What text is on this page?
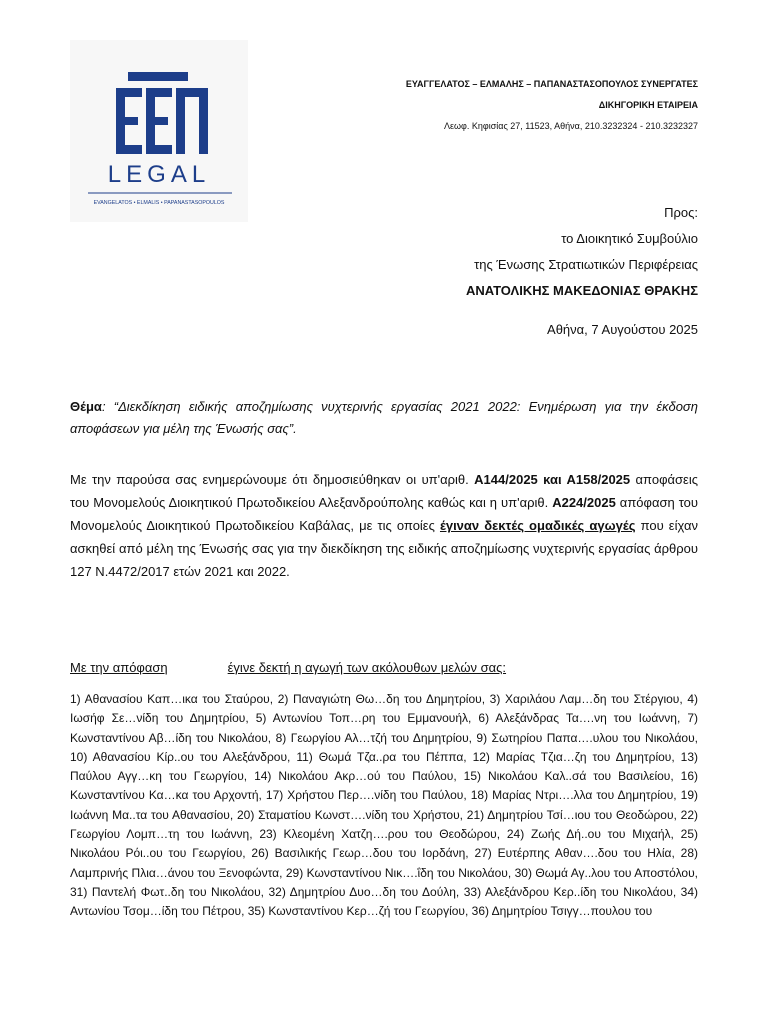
LEGAL
EVANGELATOS • ELMALIS • PAPANASTASOPOULOS
ΕΥΑΓΓΕΛΑΤΟΣ – ΕΛΜΑΛΗΣ – ΠΑΠΑΝΑΣΤΑΣΟΠΟΥΛΟΣ ΣΥΝΕΡΓΑΤΕΣ
ΔΙΚΗΓΟΡΙΚΗ ΕΤΑΙΡΕΙΑ
Λεωφ. Κηφισίας 27, 11523, Αθήνα, 210.3232324 - 210.3232327
Προς:
το Διοικητικό Συμβούλιο
της Ένωσης Στρατιωτικών Περιφέρειας
ΑΝΑΤΟΛΙΚΗΣ ΜΑΚΕΔΟΝΙΑΣ ΘΡΑΚΗΣ
Αθήνα, 7 Αυγούστου 2025
Θέμα: “Διεκδίκηση ειδικής αποζημίωσης νυχτερινής εργασίας 2021 2022: Ενημέρωση για την έκδοση αποφάσεων για μέλη της Ένωσής σας”.
Με την παρούσα σας ενημερώνουμε ότι δημοσιεύθηκαν οι υπ'αριθ. Α144/2025 και Α158/2025 αποφάσεις του Μονομελούς Διοικητικού Πρωτοδικείου Αλεξανδρούπολης καθώς και η υπ'αριθ. Α224/2025 απόφαση του Μονομελούς Διοικητικού Πρωτοδικείου Καβάλας, με τις οποίες έγιναν δεκτές ομαδικές αγωγές που είχαν ασκηθεί από μέλη της Ένωσής σας για την διεκδίκηση της ειδικής αποζημίωσης νυχτερινής εργασίας άρθρου 127 Ν.4472/2017 ετών 2021 και 2022.
Με την απόφαση	έγινε δεκτή η αγωγή των ακόλουθων μελών σας:
1) Αθανασίου Καπ…ικα του Σταύρου, 2) Παναγιώτη Θω…δη του Δημητρίου, 3) Χαριλάου Λαμ…δη του Στέργιου, 4) Ιωσήφ Σε…νίδη του Δημητρίου, 5) Αντωνίου Τοπ…ρη του Εμμανουήλ, 6) Αλεξάνδρας Τα….νη του Ιωάννη, 7) Κωνσταντίνου Αβ…ίδη του Νικολάου, 8) Γεωργίου Αλ…τζή του Δημητρίου, 9) Σωτηρίου Παπα….υλου του Νικολάου, 10) Αθανασίου Κίρ..ου του Αλεξάνδρου, 11) Θωμά Τζα..ρα του Πέππα, 12) Μαρίας Τζια…ζη του Δημητρίου, 13) Παύλου Αγγ…κη του Γεωργίου, 14) Νικολάου Ακρ…ού του Παύλου, 15) Νικολάου Καλ..σά του Βασιλείου, 16) Κωνσταντίνου Κα…κα του Αρχοντή, 17) Χρήστου Περ….νίδη του Παύλου, 18) Μαρίας Ντρι….λλα του Δημητρίου, 19) Ιωάννη Μα..τα του Αθανασίου, 20) Σταματίου Κωνστ….νίδη του Χρήστου, 21) Δημητρίου Τσί…ιου του Θεοδώρου, 22) Γεωργίου Λομπ…τη του Ιωάννη, 23) Κλεομένη Χατζη….ρου του Θεοδώρου, 24) Ζωής Δή..ου του Μιχαήλ, 25) Νικολάου Ρόι..ου του Γεωργίου, 26) Βασιλικής Γεωρ…δου του Ιορδάνη, 27) Ευτέρπης Αθαν….δου του Ηλία, 28) Λαμπρινής Πλια…άνου του Ξενοφώντα, 29) Κωνσταντίνου Νικ….ΐδη του Νικολάου, 30) Θωμά Αγ..λου του Αποστόλου, 31) Παντελή Φωτ..δη του Νικολάου, 32) Δημητρίου Δυο…δη του Δούλη, 33) Αλεξάνδρου Κερ..ίδη του Νικολάου, 34) Αντωνίου Τσομ…ίδη του Πέτρου, 35) Κωνσταντίνου Κερ…ζή του Γεωργίου, 36) Δημητρίου Τσιγγ…πουλου του
